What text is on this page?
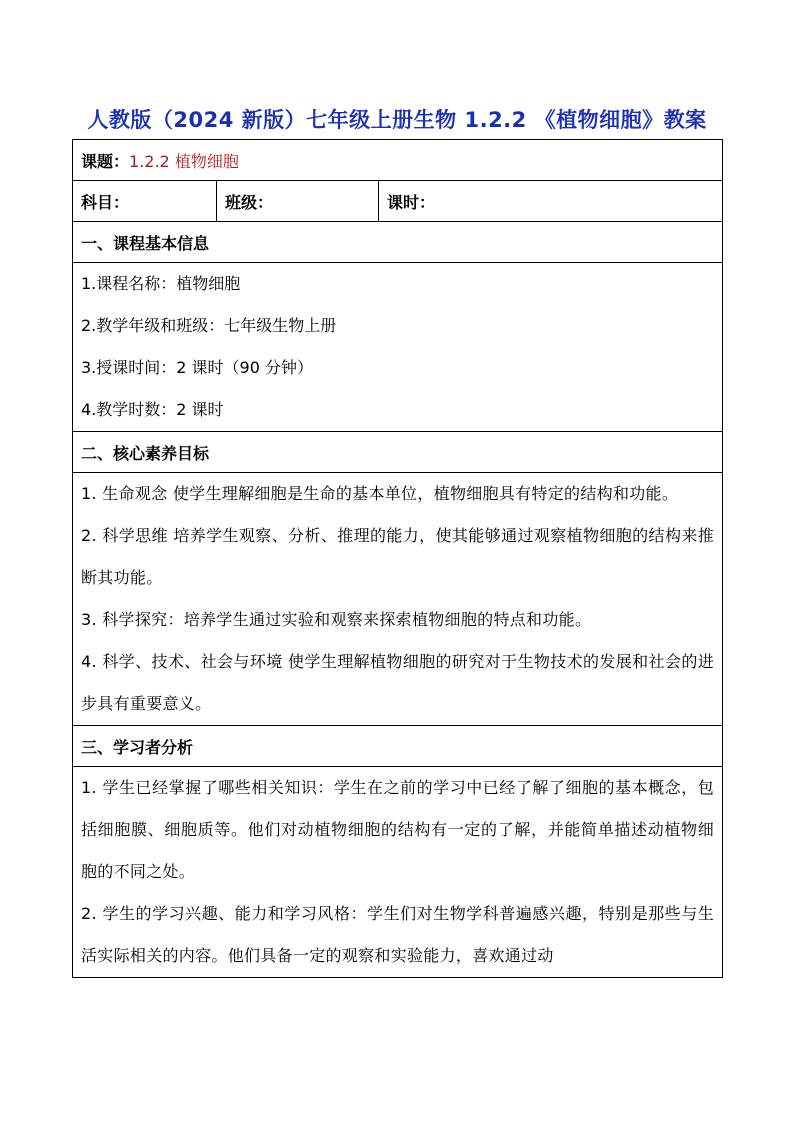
人教版（2024 新版）七年级上册生物 1.2.2 《植物细胞》教案
课题：1.2.2 植物细胞
科目：	班级：	课时：
一、课程基本信息

1.课程名称：植物细胞
2.教学年级和班级：七年级生物上册
3.授课时间：2 课时（90 分钟）
4.教学时数：2 课时

二、核心素养目标

1. 生命观念 使学生理解细胞是生命的基本单位，植物细胞具有特定的结构和功能。
2. 科学思维 培养学生观察、分析、推理的能力，使其能够通过观察植物细胞的结构来推断其功能。
3. 科学探究：培养学生通过实验和观察来探索植物细胞的特点和功能。
4. 科学、技术、社会与环境 使学生理解植物细胞的研究对于生物技术的发展和社会的进步具有重要意义。

三、学习者分析

1. 学生已经掌握了哪些相关知识：学生在之前的学习中已经了解了细胞的基本概念，包括细胞膜、细胞质等。他们对动植物细胞的结构有一定的了解，并能简单描述动植物细胞的不同之处。
2. 学生的学习兴趣、能力和学习风格：学生们对生物学科普遍感兴趣，特别是那些与生活实际相关的内容。他们具备一定的观察和实验能力，喜欢通过动
